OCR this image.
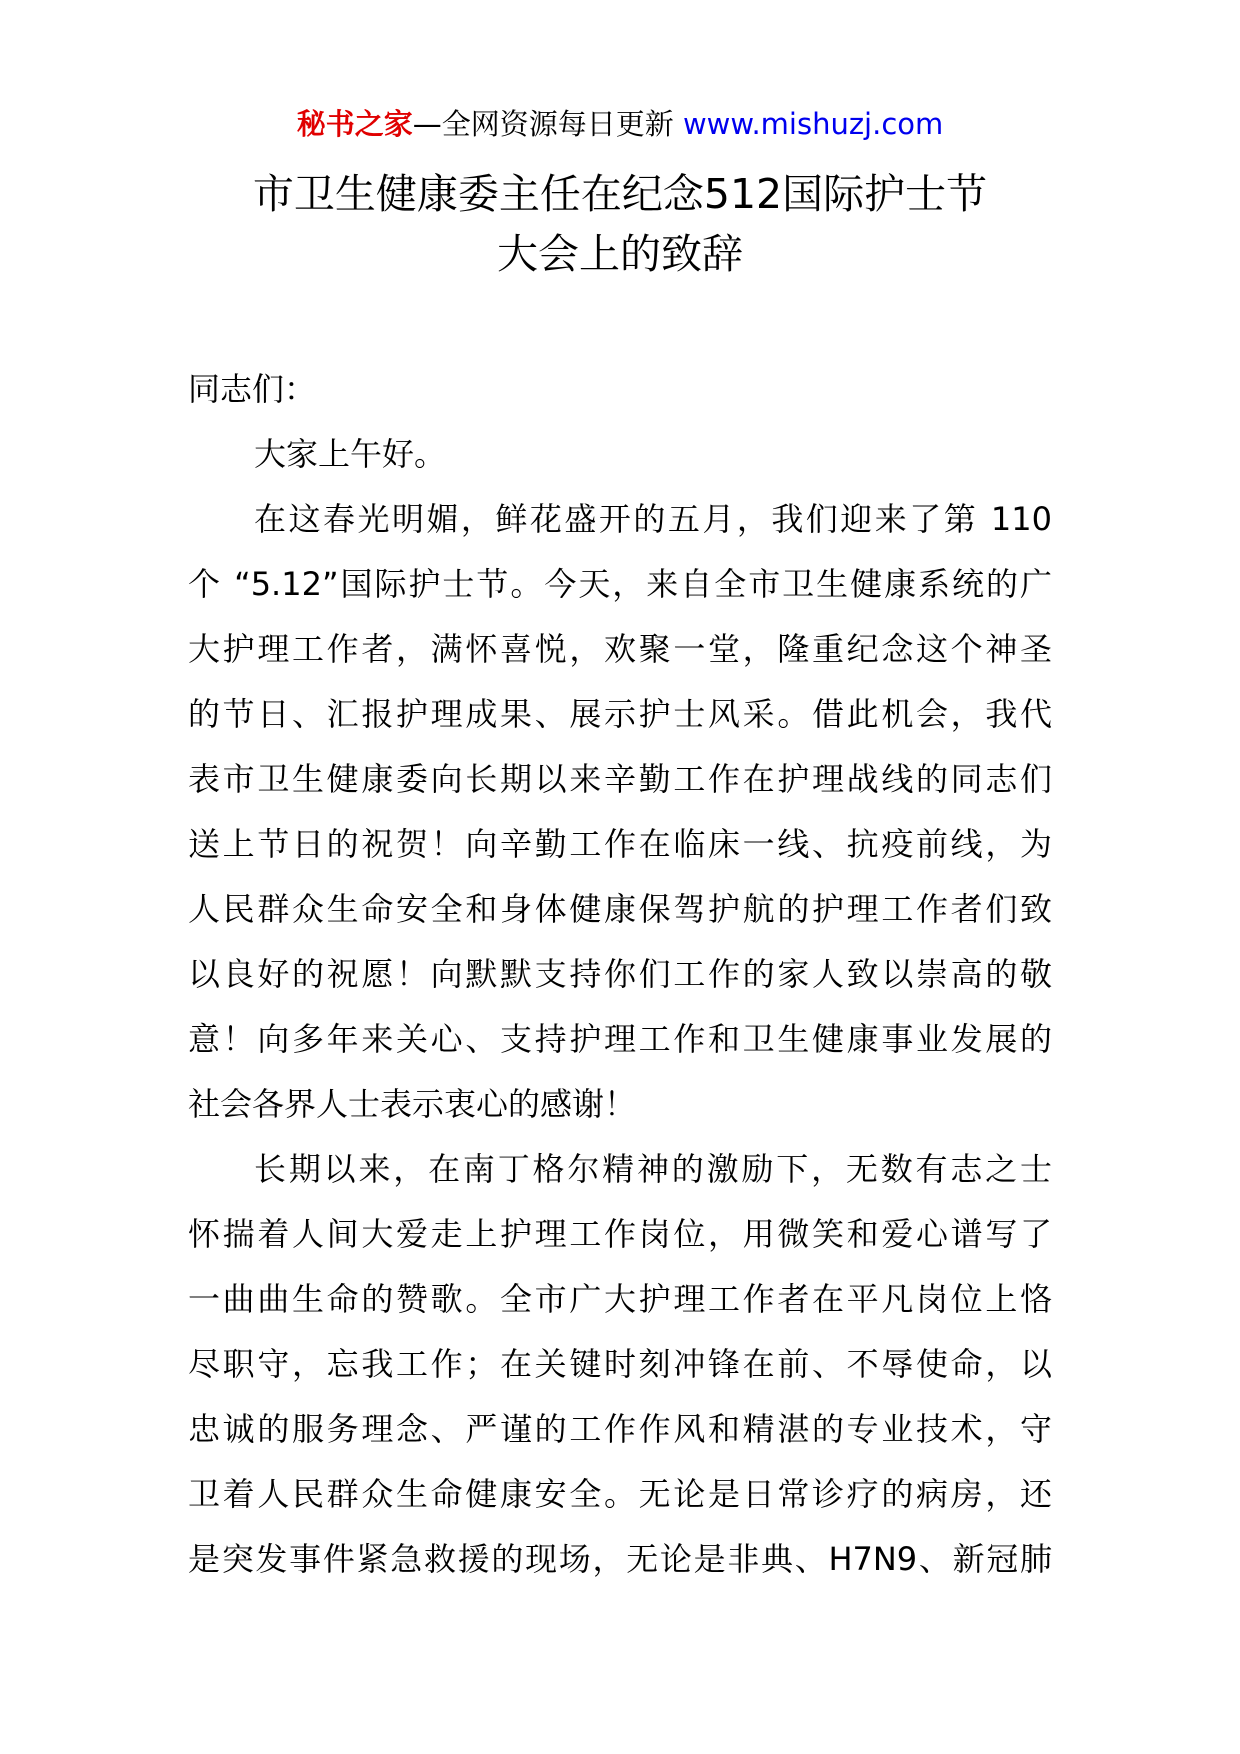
秘书之家—全网资源每日更新 www.mishuzj.com
市卫生健康委主任在纪念512国际护士节
大会上的致辞
同志们：
大家上午好。
在这春光明媚，鲜花盛开的五月，我们迎来了第 110
个 “5.12”国际护士节。今天，来自全市卫生健康系统的广
大护理工作者，满怀喜悦，欢聚一堂，隆重纪念这个神圣
的节日、汇报护理成果、展示护士风采。借此机会，我代
表市卫生健康委向长期以来辛勤工作在护理战线的同志们
送上节日的祝贺！向辛勤工作在临床一线、抗疫前线，为
人民群众生命安全和身体健康保驾护航的护理工作者们致
以良好的祝愿！向默默支持你们工作的家人致以崇高的敬
意！向多年来关心、支持护理工作和卫生健康事业发展的
社会各界人士表示衷心的感谢！
长期以来，在南丁格尔精神的激励下，无数有志之士
怀揣着人间大爱走上护理工作岗位，用微笑和爱心谱写了
一曲曲生命的赞歌。全市广大护理工作者在平凡岗位上恪
尽职守，忘我工作；在关键时刻冲锋在前、不辱使命，以
忠诚的服务理念、严谨的工作作风和精湛的专业技术，守
卫着人民群众生命健康安全。无论是日常诊疗的病房，还
是突发事件紧急救援的现场，无论是非典、H7N9、新冠肺
